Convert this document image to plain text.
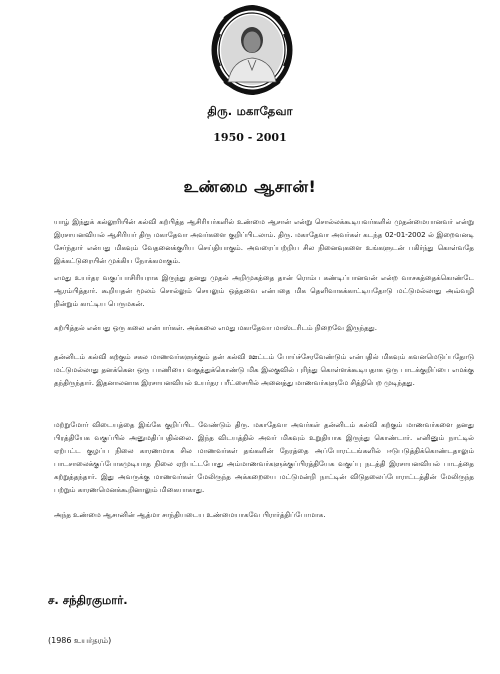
திரு. மகாதேவா
1950 - 2001
உண்மை ஆசான்!

யாழ் இந்துக் கல்லூரியின் கல்வி கற்பித்த ஆசிரியர்களில் உண்மை ஆசான் என்று சொல்லக்கூடியவர்களில் முதன்மையானவர் என்று இரசாயனவியல் ஆசிரியர் திரு மகாதேவா அவர்களை குறிப்பிடலாம். திரு. மகாதேவா அவர்கள் கடந்த 02-01-2002 ல் இறைவனடி சேர்ந்தார் என்பது மிகவும் வேதனைக்குரிய செய்தியாகும். அவரைப்பற்றிய சில நினைவுகளை உங்களுடன் பகிர்ந்து கொள்வதே இக்கட்டுரையின் முக்கிய நோக்கமாகும்.

எமது உயர்தர வகுப்பாசிரியராக இருந்து தனது முதல் அறிமுகத்தை தான் ரொம்ப கண்டிப்பானவன் என்ற வாசகத்தைக்கொண்டே ஆரம்பித்தார். கூறியதன் மூலம் சொல்லும் செயலும் ஒத்தவை என்பதை மிக தெளிவாகக்காட்டியதோடு மட்டுமல்லாது அவ்வழி நின்றும் காட்டிய பெருமகன்.

கற்பித்தல் என்பது ஒரு கலை என்பார்கள். அக்கலை எமது மகாதேவா மாஸ்டரிடம் நிறைவே இருந்தது.

தன்னிடம் கல்வி கற்கும் சகல மாணவர்களுக்கும் தன் கல்வி ஊட்டம் போய்ச்சேரவேண்டும் என்பதில் மிகவும் கவனமெடுப்பதோடு மட்டுமல்லாது தனக்கென ஒரு பாணியை வகுத்துக்கொண்டு மிக இலகுவில் புரிந்து கொள்ளக்கூடியதாக ஒரு பாடக்குறிப்பை எமக்கு தந்திருந்தார். இதனாலனாக இரசாயனவியல் உயர்தர பரீட்சையில் அனைத்து மாணவர்களுமே சித்திபெற முடிந்தது.

மற்றுமோர் விடையத்தை இங்கே குறிப்பிட வேண்டும் திரு. மகாதேவா அவர்கள் தன்னிடம் கல்வி கற்கும் மாணவர்களை தனது பிரத்தியேக வகுப்பில் அனுமதிப்பதில்லை. இந்த விடயத்தில் அவர் மிகவும் உறுதியாக இருந்து கொண்டார். எனினும் நாட்டில் ஏற்பட்ட குழப்ப நிலை காரணமாக சில மாணவர்கள் தங்களின் நேரத்தை அப்போரட்டங்களில் ஈடுபடுத்திக்கொண்டதாலும் பாடசாலைக்குப்போகமுடியாத நிலை ஏற்பட்டபோது அம்மாணவர்களுக்குப்பிரத்தியேக வகுப்பு நடத்தி இரசாயனவியல் பாடத்தை கற்றுத்தந்தார். இது அவருக்கு மாணவர்கள் மேலிருந்த அக்கறையை மட்டுமன்றி நாட்டின் விடுதலைப்போராட்டத்தின் மேலிருந்த பற்றும் காரணமெனக்கூறினாலும் மிகையாகாது.

அந்த உண்மை ஆசானின் ஆத்மா சாந்தியடைய உண்மையாகவே பிரார்த்திப்போமாக.

ச. சந்திரகுமார்.
(1986 உயர்தரம்)
